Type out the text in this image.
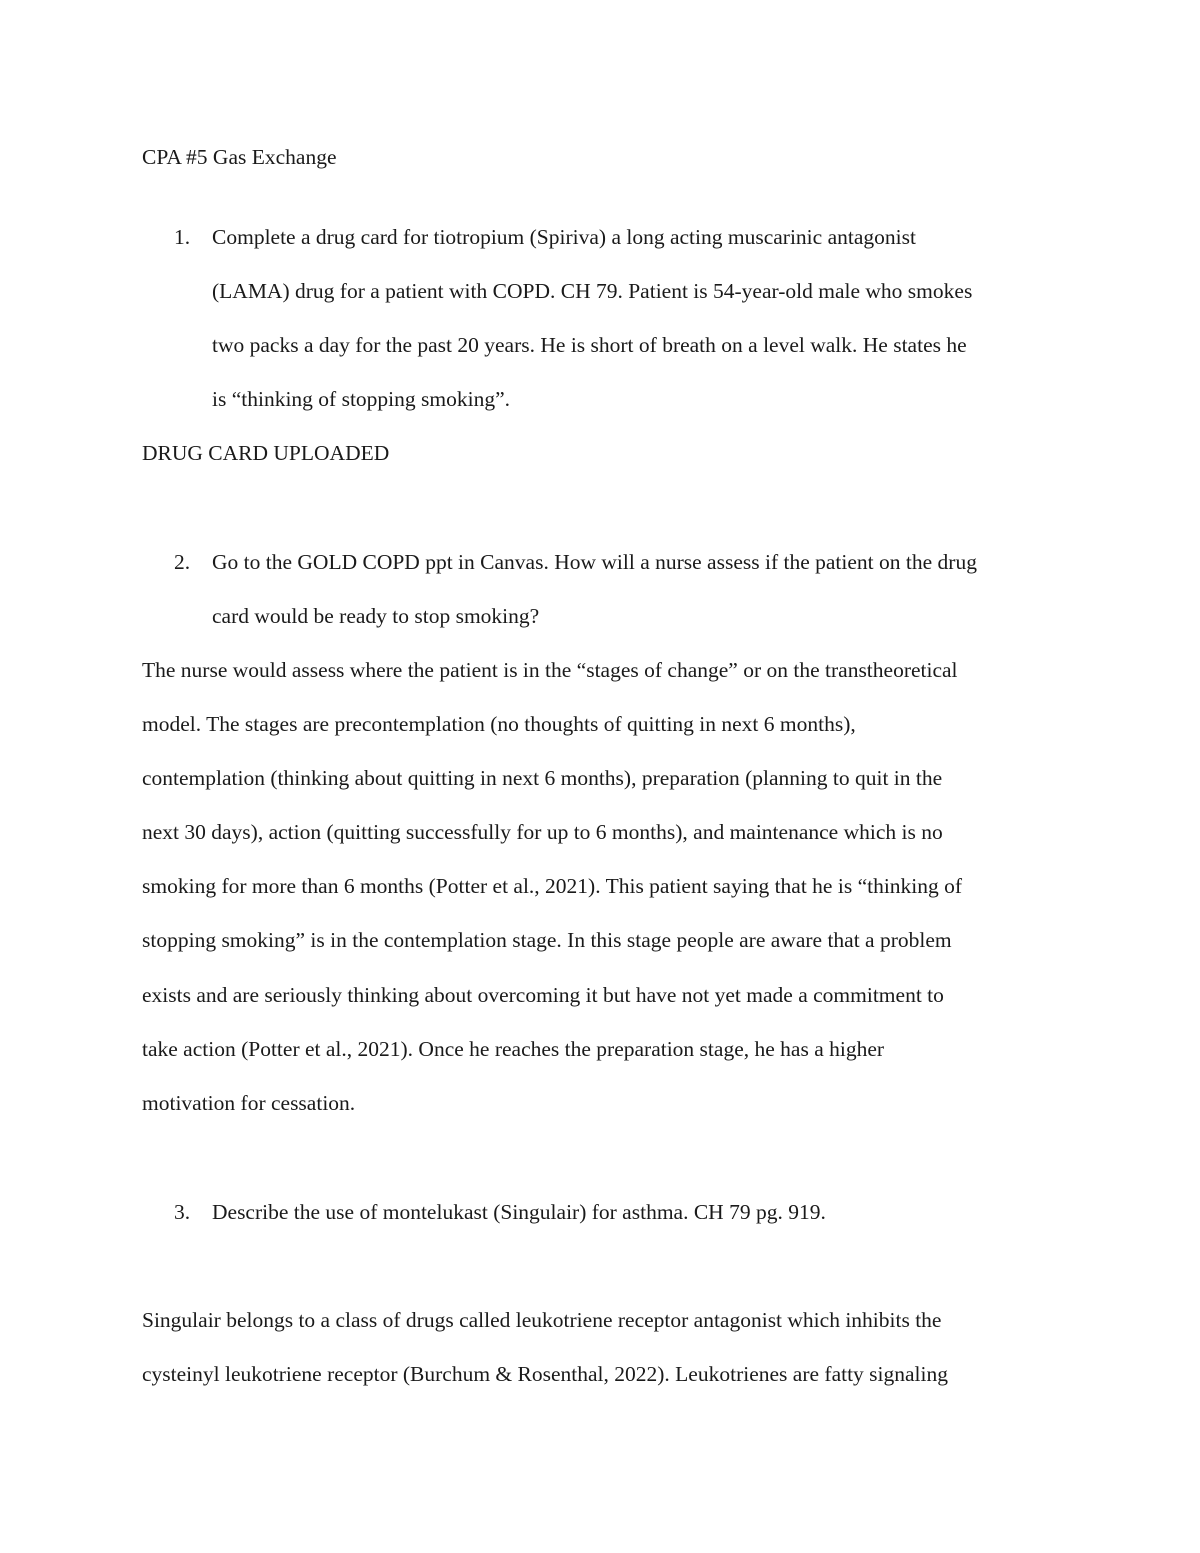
CPA #5 Gas Exchange

1. Complete a drug card for tiotropium (Spiriva) a long acting muscarinic antagonist
(LAMA) drug for a patient with COPD. CH 79. Patient is 54-year-old male who smokes
two packs a day for the past 20 years. He is short of breath on a level walk. He states he
is “thinking of stopping smoking”.

DRUG CARD UPLOADED

2. Go to the GOLD COPD ppt in Canvas. How will a nurse assess if the patient on the drug
card would be ready to stop smoking?

The nurse would assess where the patient is in the “stages of change” or on the transtheoretical

model. The stages are precontemplation (no thoughts of quitting in next 6 months),

contemplation (thinking about quitting in next 6 months), preparation (planning to quit in the

next 30 days), action (quitting successfully for up to 6 months), and maintenance which is no

smoking for more than 6 months (Potter et al., 2021). This patient saying that he is “thinking of

stopping smoking” is in the contemplation stage. In this stage people are aware that a problem

exists and are seriously thinking about overcoming it but have not yet made a commitment to

take action (Potter et al., 2021). Once he reaches the preparation stage, he has a higher

motivation for cessation.

3. Describe the use of montelukast (Singulair) for asthma. CH 79 pg. 919.

Singulair belongs to a class of drugs called leukotriene receptor antagonist which inhibits the

cysteinyl leukotriene receptor (Burchum & Rosenthal, 2022). Leukotrienes are fatty signaling
